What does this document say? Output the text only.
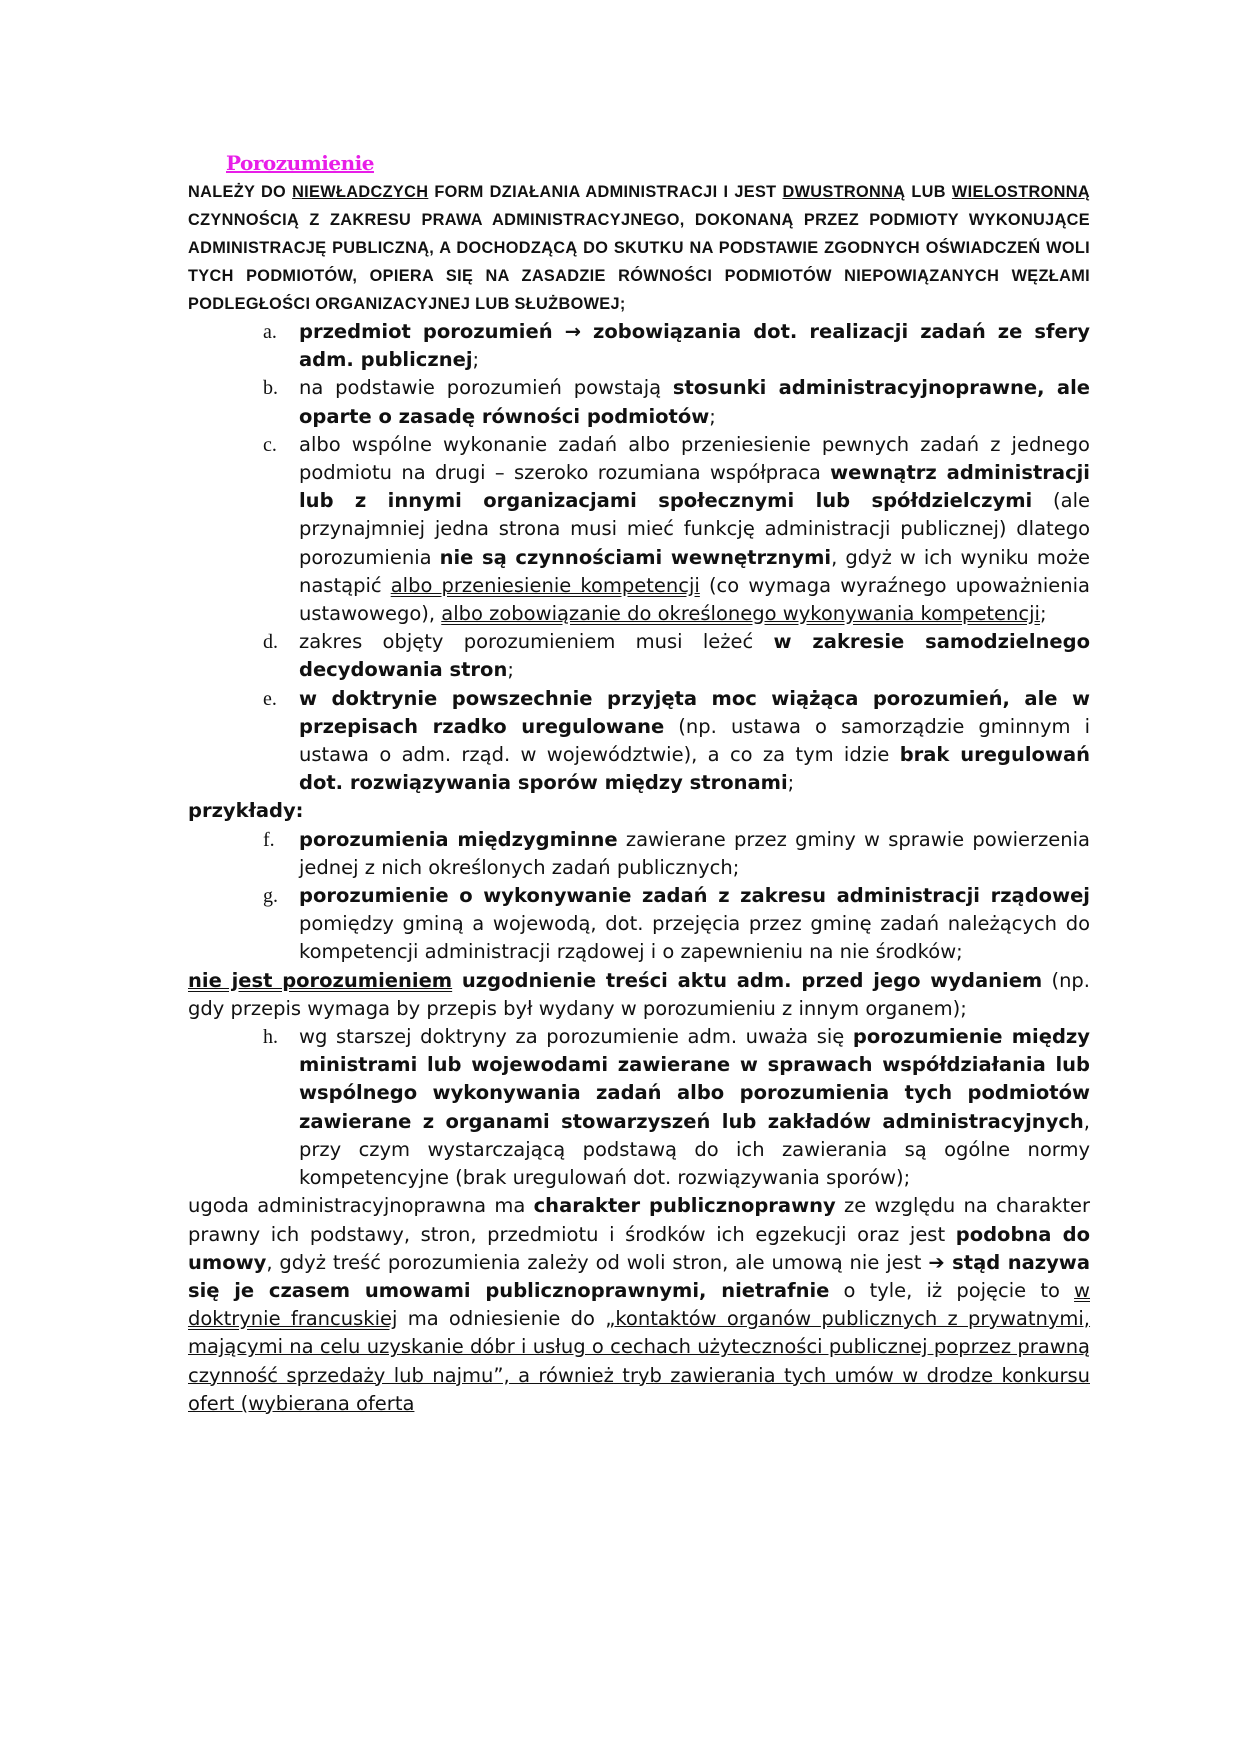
Porozumienie
NALEŻY DO NIEWŁADCZYCH FORM DZIAŁANIA ADMINISTRACJI I JEST DWUSTRONNĄ LUB WIELOSTRONNĄ CZYNNOŚCIĄ Z ZAKRESU PRAWA ADMINISTRACYJNEGO, DOKONANĄ PRZEZ PODMIOTY WYKONUJĄCE ADMINISTRACJĘ PUBLICZNĄ, A DOCHODZĄCĄ DO SKUTKU NA PODSTAWIE ZGODNYCH OŚWIADCZEŃ WOLI TYCH PODMIOTÓW, OPIERA SIĘ NA ZASADZIE RÓWNOŚCI PODMIOTÓW NIEPOWIĄZANYCH WĘZŁAMI PODLEGŁOŚCI ORGANIZACYJNEJ LUB SŁUŻBOWEJ;
a. przedmiot porozumień → zobowiązania dot. realizacji zadań ze sfery adm. publicznej;
b. na podstawie porozumień powstają stosunki administracyjnoprawne, ale oparte o zasadę równości podmiotów;
c. albo wspólne wykonanie zadań albo przeniesienie pewnych zadań z jednego podmiotu na drugi – szeroko rozumiana współpraca wewnątrz administracji lub z innymi organizacjami społecznymi lub spółdzielczymi (ale przynajmniej jedna strona musi mieć funkcję administracji publicznej) dlatego porozumienia nie są czynnościami wewnętrznymi, gdyż w ich wyniku może nastąpić albo przeniesienie kompetencji (co wymaga wyraźnego upoważnienia ustawowego), albo zobowiązanie do określonego wykonywania kompetencji;
d. zakres objęty porozumieniem musi leżeć w zakresie samodzielnego decydowania stron;
e. w doktrynie powszechnie przyjęta moc wiążąca porozumień, ale w przepisach rzadko uregulowane (np. ustawa o samorządzie gminnym i ustawa o adm. rząd. w województwie), a co za tym idzie brak uregulowań dot. rozwiązywania sporów między stronami;
przykłady:
f. porozumienia międzygminne zawierane przez gminy w sprawie powierzenia jednej z nich określonych zadań publicznych;
g. porozumienie o wykonywanie zadań z zakresu administracji rządowej pomiędzy gminą a wojewodą, dot. przejęcia przez gminę zadań należących do kompetencji administracji rządowej i o zapewnieniu na nie środków;
nie jest porozumieniem uzgodnienie treści aktu adm. przed jego wydaniem (np. gdy przepis wymaga by przepis był wydany w porozumieniu z innym organem);
h. wg starszej doktryny za porozumienie adm. uważa się porozumienie między ministrami lub wojewodami zawierane w sprawach współdziałania lub wspólnego wykonywania zadań albo porozumienia tych podmiotów zawierane z organami stowarzyszeń lub zakładów administracyjnych, przy czym wystarczającą podstawą do ich zawierania są ogólne normy kompetencyjne (brak uregulowań dot. rozwiązywania sporów);
ugoda administracyjnoprawna ma charakter publicznoprawny ze względu na charakter prawny ich podstawy, stron, przedmiotu i środków ich egzekucji oraz jest podobna do umowy, gdyż treść porozumienia zależy od woli stron, ale umową nie jest ➔ stąd nazywa się je czasem umowami publicznoprawnymi, nietrafnie o tyle, iż pojęcie to w doktrynie francuskiej ma odniesienie do „kontaktów organów publicznych z prywatnymi, mającymi na celu uzyskanie dóbr i usług o cechach użyteczności publicznej poprzez prawną czynność sprzedaży lub najmu”, a również tryb zawierania tych umów w drodze konkursu ofert (wybierana oferta
